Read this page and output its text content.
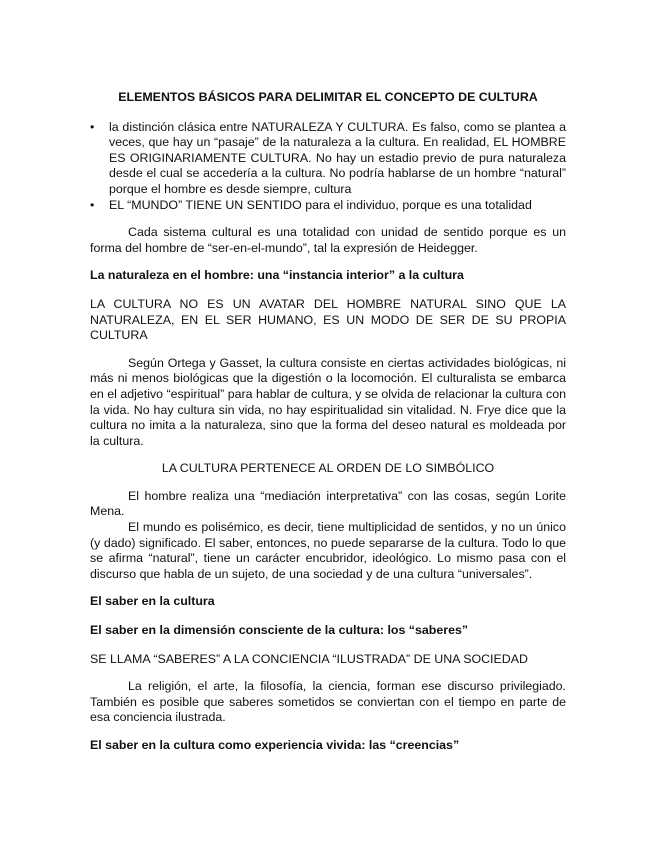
ELEMENTOS BÁSICOS PARA DELIMITAR EL CONCEPTO DE CULTURA
•	la distinción clásica entre NATURALEZA Y CULTURA. Es falso, como se plantea a veces, que hay un “pasaje” de la naturaleza a la cultura. En realidad, EL HOMBRE ES ORIGINARIAMENTE CULTURA. No hay un estadio previo de pura naturaleza desde el cual se accedería a la cultura. No podría hablarse de un hombre “natural” porque el hombre es desde siempre, cultura
•	EL “MUNDO” TIENE UN SENTIDO para el individuo, porque es una totalidad

Cada sistema cultural es una totalidad con unidad de sentido porque es un forma del hombre de “ser-en-el-mundo”, tal la expresión de Heidegger.

La naturaleza en el hombre: una “instancia interior” a la cultura

LA CULTURA NO ES UN AVATAR DEL HOMBRE NATURAL SINO QUE LA NATURALEZA, EN EL SER HUMANO, ES UN MODO DE SER DE SU PROPIA CULTURA

Según Ortega y Gasset, la cultura consiste en ciertas actividades biológicas, ni más ni menos biológicas que la digestión o la locomoción. El culturalista se embarca en el adjetivo “espiritual” para hablar de cultura, y se olvida de relacionar la cultura con la vida. No hay cultura sin vida, no hay espiritualidad sin vitalidad. N. Frye dice que la cultura no imita a la naturaleza, sino que la forma del deseo natural es moldeada por la cultura.

LA CULTURA PERTENECE AL ORDEN DE LO SIMBÓLICO

El hombre realiza una “mediación interpretativa” con las cosas, según Lorite Mena.

El mundo es polisémico, es decir, tiene multiplicidad de sentidos, y no un único (y dado) significado. El saber, entonces, no puede separarse de la cultura. Todo lo que se afirma “natural”, tiene un carácter encubridor, ideológico. Lo mismo pasa con el discurso que habla de un sujeto, de una sociedad y de una cultura “universales”.

El saber en la cultura
El saber en la dimensión consciente de la cultura: los “saberes”
SE LLAMA “SABERES” A LA CONCIENCIA “ILUSTRADA” DE UNA SOCIEDAD

La religión, el arte, la filosofía, la ciencia, forman ese discurso privilegiado. También es posible que saberes sometidos se conviertan con el tiempo en parte de esa conciencia ilustrada.

El saber en la cultura como experiencia vivida: las “creencias”
